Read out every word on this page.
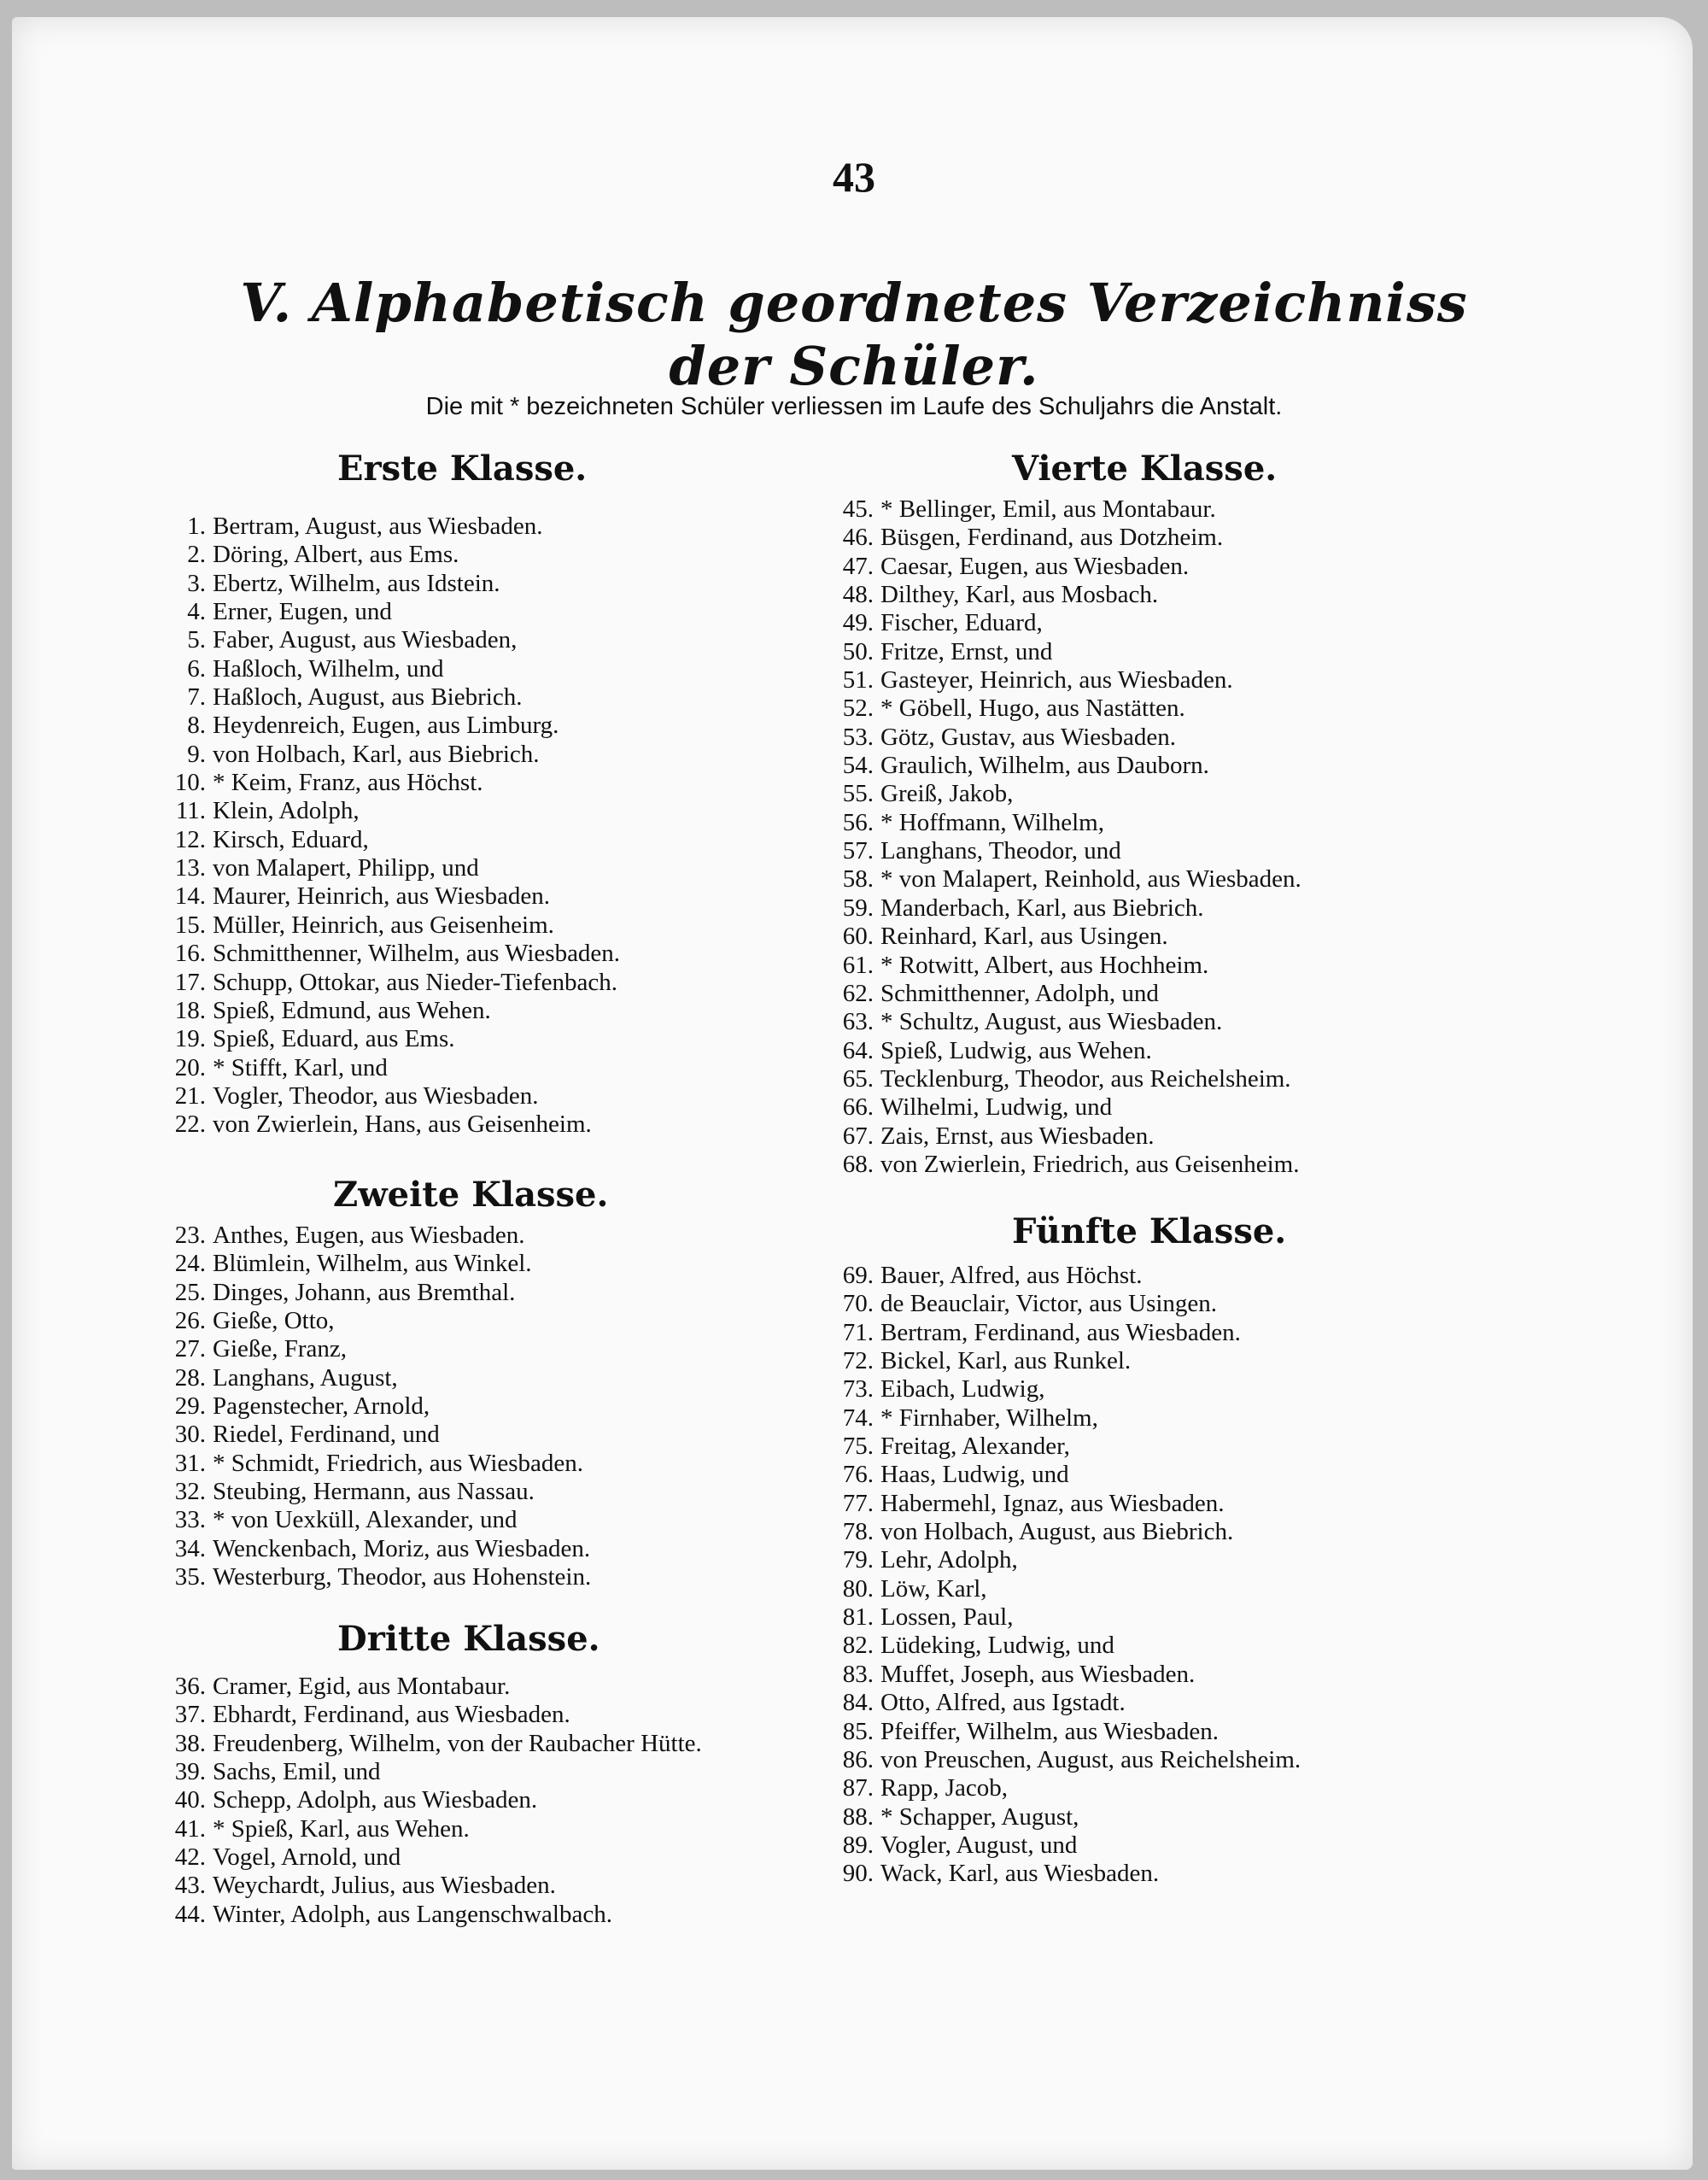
43
V. Alphabetisch geordnetes Verzeichniss
der Schüler.
Die mit * bezeichneten Schüler verliessen im Laufe des Schuljahrs die Anstalt.
Erste Klasse.
1. Bertram, August, aus Wiesbaden.
2. Döring, Albert, aus Ems.
3. Ebertz, Wilhelm, aus Idstein.
4. Erner, Eugen, und
5. Faber, August, aus Wiesbaden,
6. Haßloch, Wilhelm, und
7. Haßloch, August, aus Biebrich.
8. Heydenreich, Eugen, aus Limburg.
9. von Holbach, Karl, aus Biebrich.
10. * Keim, Franz, aus Höchst.
11. Klein, Adolph,
12. Kirsch, Eduard,
13. von Malapert, Philipp, und
14. Maurer, Heinrich, aus Wiesbaden.
15. Müller, Heinrich, aus Geisenheim.
16. Schmitthenner, Wilhelm, aus Wiesbaden.
17. Schupp, Ottokar, aus Nieder-Tiefenbach.
18. Spieß, Edmund, aus Wehen.
19. Spieß, Eduard, aus Ems.
20. * Stifft, Karl, und
21. Vogler, Theodor, aus Wiesbaden.
22. von Zwierlein, Hans, aus Geisenheim.
Zweite Klasse.
23. Anthes, Eugen, aus Wiesbaden.
24. Blümlein, Wilhelm, aus Winkel.
25. Dinges, Johann, aus Bremthal.
26. Gieße, Otto,
27. Gieße, Franz,
28. Langhans, August,
29. Pagenstecher, Arnold,
30. Riedel, Ferdinand, und
31. * Schmidt, Friedrich, aus Wiesbaden.
32. Steubing, Hermann, aus Nassau.
33. * von Uexküll, Alexander, und
34. Wenckenbach, Moriz, aus Wiesbaden.
35. Westerburg, Theodor, aus Hohenstein.
Dritte Klasse.
36. Cramer, Egid, aus Montabaur.
37. Ebhardt, Ferdinand, aus Wiesbaden.
38. Freudenberg, Wilhelm, von der Raubacher Hütte.
39. Sachs, Emil, und
40. Schepp, Adolph, aus Wiesbaden.
41. * Spieß, Karl, aus Wehen.
42. Vogel, Arnold, und
43. Weychardt, Julius, aus Wiesbaden.
44. Winter, Adolph, aus Langenschwalbach.
Vierte Klasse.
45. * Bellinger, Emil, aus Montabaur.
46. Büsgen, Ferdinand, aus Dotzheim.
47. Caesar, Eugen, aus Wiesbaden.
48. Dilthey, Karl, aus Mosbach.
49. Fischer, Eduard,
50. Fritze, Ernst, und
51. Gasteyer, Heinrich, aus Wiesbaden.
52. * Göbell, Hugo, aus Nastätten.
53. Götz, Gustav, aus Wiesbaden.
54. Graulich, Wilhelm, aus Dauborn.
55. Greiß, Jakob,
56. * Hoffmann, Wilhelm,
57. Langhans, Theodor, und
58. * von Malapert, Reinhold, aus Wiesbaden.
59. Manderbach, Karl, aus Biebrich.
60. Reinhard, Karl, aus Usingen.
61. * Rotwitt, Albert, aus Hochheim.
62. Schmitthenner, Adolph, und
63. * Schultz, August, aus Wiesbaden.
64. Spieß, Ludwig, aus Wehen.
65. Tecklenburg, Theodor, aus Reichelsheim.
66. Wilhelmi, Ludwig, und
67. Zais, Ernst, aus Wiesbaden.
68. von Zwierlein, Friedrich, aus Geisenheim.
Fünfte Klasse.
69. Bauer, Alfred, aus Höchst.
70. de Beauclair, Victor, aus Usingen.
71. Bertram, Ferdinand, aus Wiesbaden.
72. Bickel, Karl, aus Runkel.
73. Eibach, Ludwig,
74. * Firnhaber, Wilhelm,
75. Freitag, Alexander,
76. Haas, Ludwig, und
77. Habermehl, Ignaz, aus Wiesbaden.
78. von Holbach, August, aus Biebrich.
79. Lehr, Adolph,
80. Löw, Karl,
81. Lossen, Paul,
82. Lüdeking, Ludwig, und
83. Muffet, Joseph, aus Wiesbaden.
84. Otto, Alfred, aus Igstadt.
85. Pfeiffer, Wilhelm, aus Wiesbaden.
86. von Preuschen, August, aus Reichelsheim.
87. Rapp, Jacob,
88. * Schapper, August,
89. Vogler, August, und
90. Wack, Karl, aus Wiesbaden.
